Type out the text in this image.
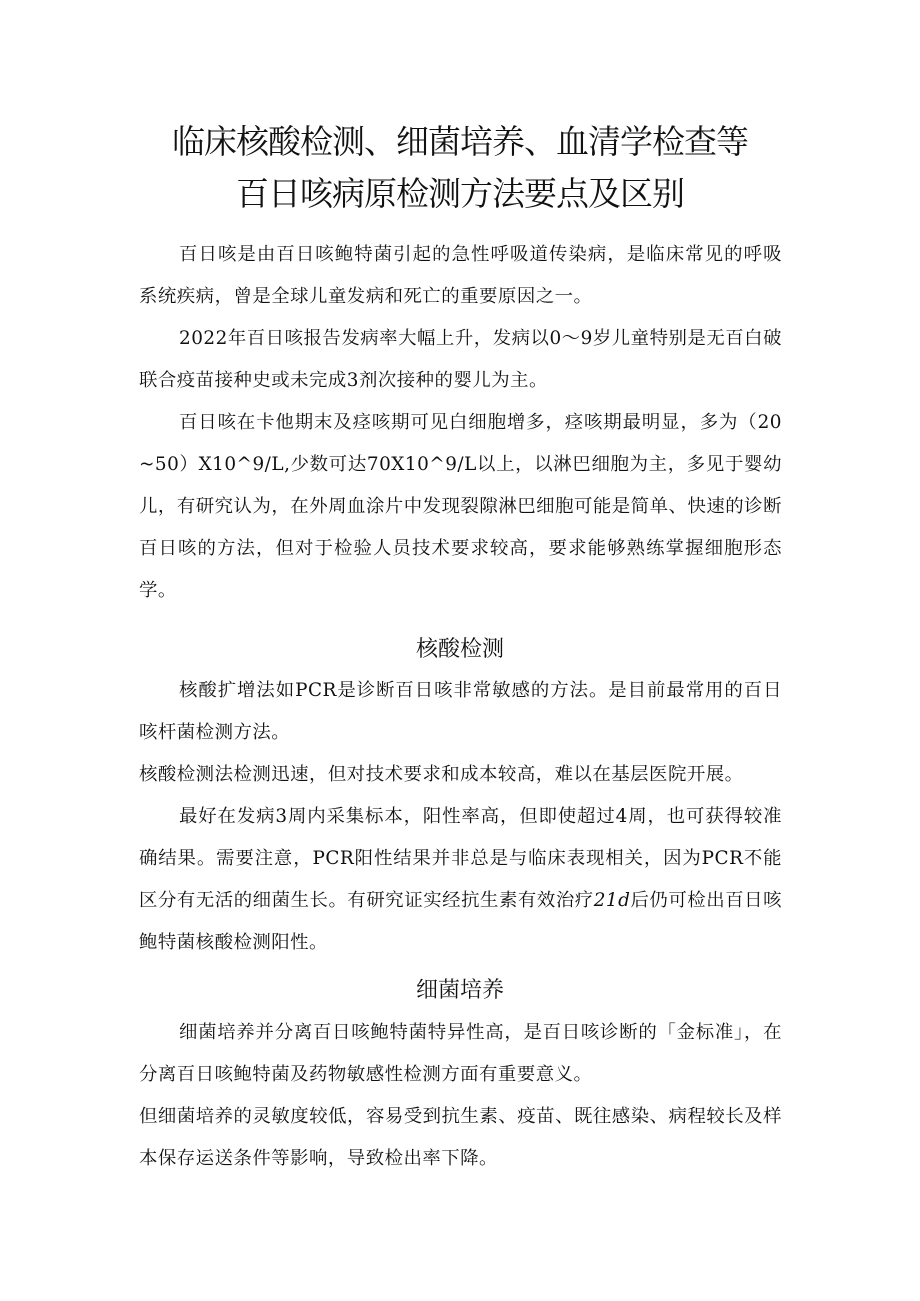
临床核酸检测、细菌培养、血清学检查等
百日咳病原检测方法要点及区别

百日咳是由百日咳鲍特菌引起的急性呼吸道传染病，是临床常见的呼吸系统疾病，曾是全球儿童发病和死亡的重要原因之一。

2022年百日咳报告发病率大幅上升，发病以0～9岁儿童特别是无百白破联合疫苗接种史或未完成3剂次接种的婴儿为主。

百日咳在卡他期末及痉咳期可见白细胞增多，痉咳期最明显，多为（20~50）X10^9/L,少数可达70X10^9/L以上，以淋巴细胞为主，多见于婴幼儿，有研究认为，在外周血涂片中发现裂隙淋巴细胞可能是简单、快速的诊断百日咳的方法，但对于检验人员技术要求较高，要求能够熟练掌握细胞形态学。

核酸检测

核酸扩增法如PCR是诊断百日咳非常敏感的方法。是目前最常用的百日咳杆菌检测方法。

核酸检测法检测迅速，但对技术要求和成本较高，难以在基层医院开展。

最好在发病3周内采集标本，阳性率高，但即使超过4周，也可获得较准确结果。需要注意，PCR阳性结果并非总是与临床表现相关，因为PCR不能区分有无活的细菌生长。有研究证实经抗生素有效治疗21d后仍可检出百日咳鲍特菌核酸检测阳性。

细菌培养

细菌培养并分离百日咳鲍特菌特异性高，是百日咳诊断的「金标准」，在分离百日咳鲍特菌及药物敏感性检测方面有重要意义。

但细菌培养的灵敏度较低，容易受到抗生素、疫苗、既往感染、病程较长及样本保存运送条件等影响，导致检出率下降。
